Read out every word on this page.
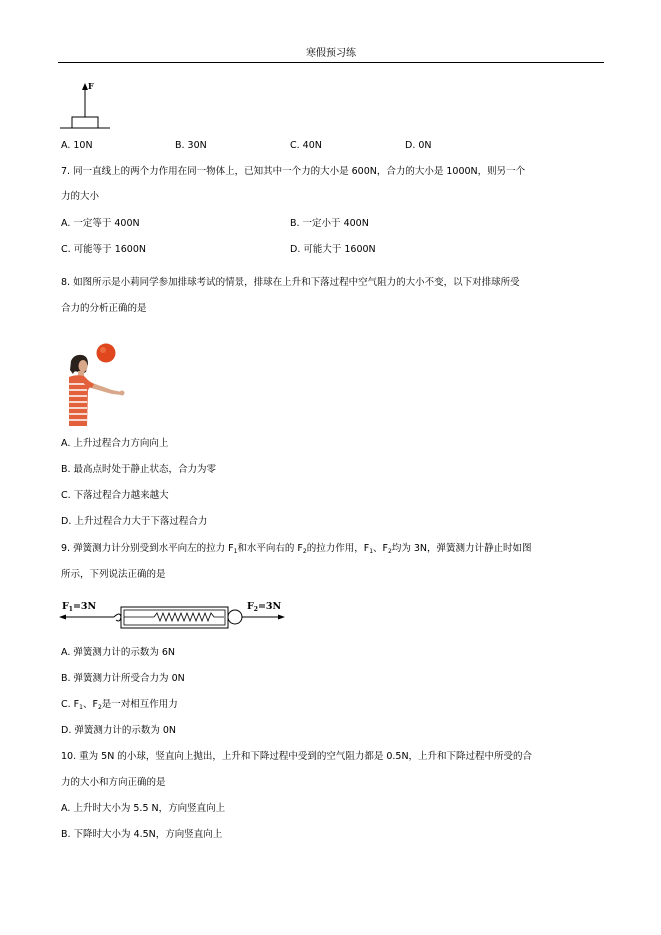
寒假预习练
F
A. 10N	B. 30N	C. 40N	D. 0N
7. 同一直线上的两个力作用在同一物体上，已知其中一个力的大小是 600N，合力的大小是 1000N，则另一个
力的大小
A. 一定等于 400N	B. 一定小于 400N
C. 可能等于 1600N	D. 可能大于 1600N
8. 如图所示是小莉同学参加排球考试的情景，排球在上升和下落过程中空气阻力的大小不变，以下对排球所受
合力的分析正确的是
A. 上升过程合力方向向上
B. 最高点时处于静止状态，合力为零
C. 下落过程合力越来越大
D. 上升过程合力大于下落过程合力
9. 弹簧测力计分别受到水平向左的拉力 $F_1$和水平向右的 $F_2$的拉力作用，$F_1$、$F_2$均为 3N，弹簧测力计静止时如图
所示，下列说法正确的是
$F_1=3N$	$F_2=3N$
A. 弹簧测力计的示数为 6N
B. 弹簧测力计所受合力为 0N
C. $F_1$、$F_2$是一对相互作用力
D. 弹簧测力计的示数为 0N
10. 重为 5N 的小球，竖直向上抛出，上升和下降过程中受到的空气阻力都是 0.5N，上升和下降过程中所受的合
力的大小和方向正确的是
A. 上升时大小为 5.5 N，方向竖直向上
B. 下降时大小为 4.5N，方向竖直向上
